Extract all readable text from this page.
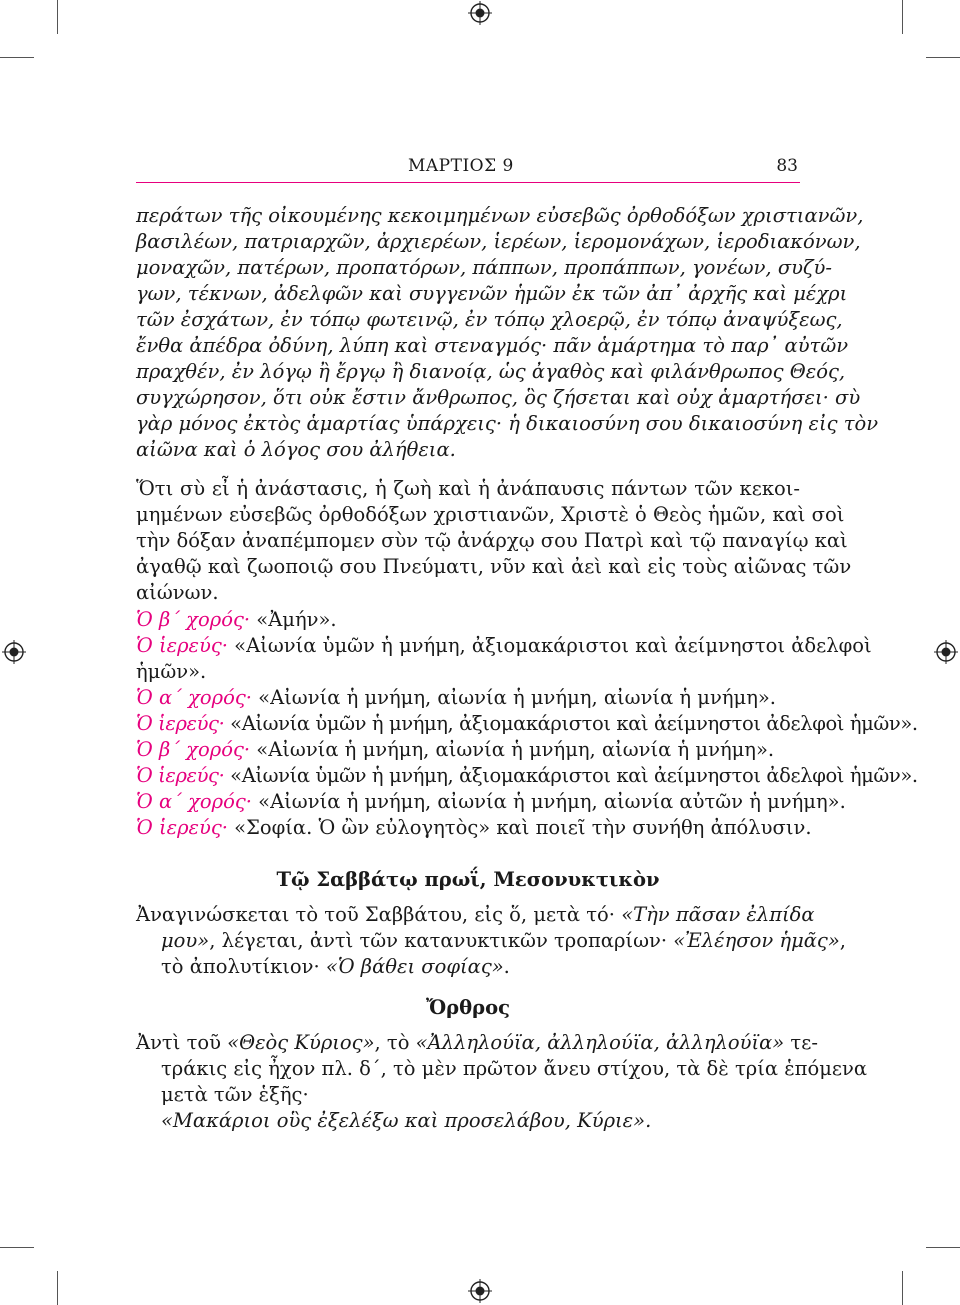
ΜΑΡΤΙΟΣ 9	83
περάτων τῆς οἰκουμένης κεκοιμημένων εὐσεβῶς ὀρθοδόξων χριστιανῶν,
βασιλέων, πατριαρχῶν, ἀρχιερέων, ἱερέων, ἱερομονάχων, ἱεροδιακόνων,
μοναχῶν, πατέρων, προπατόρων, πάππων, προπάππων, γονέων, συζύ-
γων, τέκνων, ἀδελφῶν καὶ συγγενῶν ἡμῶν ἐκ τῶν ἀπ᾽ ἀρχῆς καὶ μέχρι
τῶν ἐσχάτων, ἐν τόπῳ φωτεινῷ, ἐν τόπῳ χλοερῷ, ἐν τόπῳ ἀναψύξεως,
ἔνθα ἀπέδρα ὀδύνη, λύπη καὶ στεναγμός· πᾶν ἁμάρτημα τὸ παρ᾽ αὐτῶν
πραχθέν, ἐν λόγῳ ἢ ἔργῳ ἢ διανοίᾳ, ὡς ἀγαθὸς καὶ φιλάνθρωπος Θεός,
συγχώρησον, ὅτι οὐκ ἔστιν ἄνθρωπος, ὃς ζήσεται καὶ οὐχ ἁμαρτήσει· σὺ
γὰρ μόνος ἐκτὸς ἁμαρτίας ὑπάρχεις· ἡ δικαιοσύνη σου δικαιοσύνη εἰς τὸν
αἰῶνα καὶ ὁ λόγος σου ἀλήθεια.
Ὅτι σὺ εἶ ἡ ἀνάστασις, ἡ ζωὴ καὶ ἡ ἀνάπαυσις πάντων τῶν κεκοι-
μημένων εὐσεβῶς ὀρθοδόξων χριστιανῶν, Χριστὲ ὁ Θεὸς ἡμῶν, καὶ σοὶ
τὴν δόξαν ἀναπέμπομεν σὺν τῷ ἀνάρχῳ σου Πατρὶ καὶ τῷ παναγίῳ καὶ
ἀγαθῷ καὶ ζωοποιῷ σου Πνεύματι, νῦν καὶ ἀεὶ καὶ εἰς τοὺς αἰῶνας τῶν
αἰώνων.
Ὁ β΄ χορός· «Ἀμήν».
Ὁ ἱερεύς· «Αἰωνία ὑμῶν ἡ μνήμη, ἀξιομακάριστοι καὶ ἀείμνηστοι ἀδελφοὶ
ἡμῶν».
Ὁ α΄ χορός· «Αἰωνία ἡ μνήμη, αἰωνία ἡ μνήμη, αἰωνία ἡ μνήμη».
Ὁ ἱερεύς· «Αἰωνία ὑμῶν ἡ μνήμη, ἀξιομακάριστοι καὶ ἀείμνηστοι ἀδελφοὶ ἡμῶν».
Ὁ β΄ χορός· «Αἰωνία ἡ μνήμη, αἰωνία ἡ μνήμη, αἰωνία ἡ μνήμη».
Ὁ ἱερεύς· «Αἰωνία ὑμῶν ἡ μνήμη, ἀξιομακάριστοι καὶ ἀείμνηστοι ἀδελφοὶ ἡμῶν».
Ὁ α΄ χορός· «Αἰωνία ἡ μνήμη, αἰωνία ἡ μνήμη, αἰωνία αὐτῶν ἡ μνήμη».
Ὁ ἱερεύς· «Σοφία. Ὁ ὢν εὐλογητὸς» καὶ ποιεῖ τὴν συνήθη ἀπόλυσιν.
Τῷ Σαββάτῳ πρωΐ, Μεσονυκτικὸν
Ἀναγινώσκεται τὸ τοῦ Σαββάτου, εἰς ὅ, μετὰ τό· «Τὴν πᾶσαν ἐλπίδα
μου», λέγεται, ἀντὶ τῶν κατανυκτικῶν τροπαρίων· «Ἐλέησον ἡμᾶς»,
τὸ ἀπολυτίκιον· «Ὁ βάθει σοφίας».
Ὄρθρος
Ἀντὶ τοῦ «Θεὸς Κύριος», τὸ «Ἀλληλούϊα, ἀλληλούϊα, ἀλληλούϊα» τε-
τράκις εἰς ἦχον πλ. δ΄, τὸ μὲν πρῶτον ἄνευ στίχου, τὰ δὲ τρία ἑπόμενα
μετὰ τῶν ἑξῆς·
«Μακάριοι οὓς ἐξελέξω καὶ προσελάβου, Κύριε».
